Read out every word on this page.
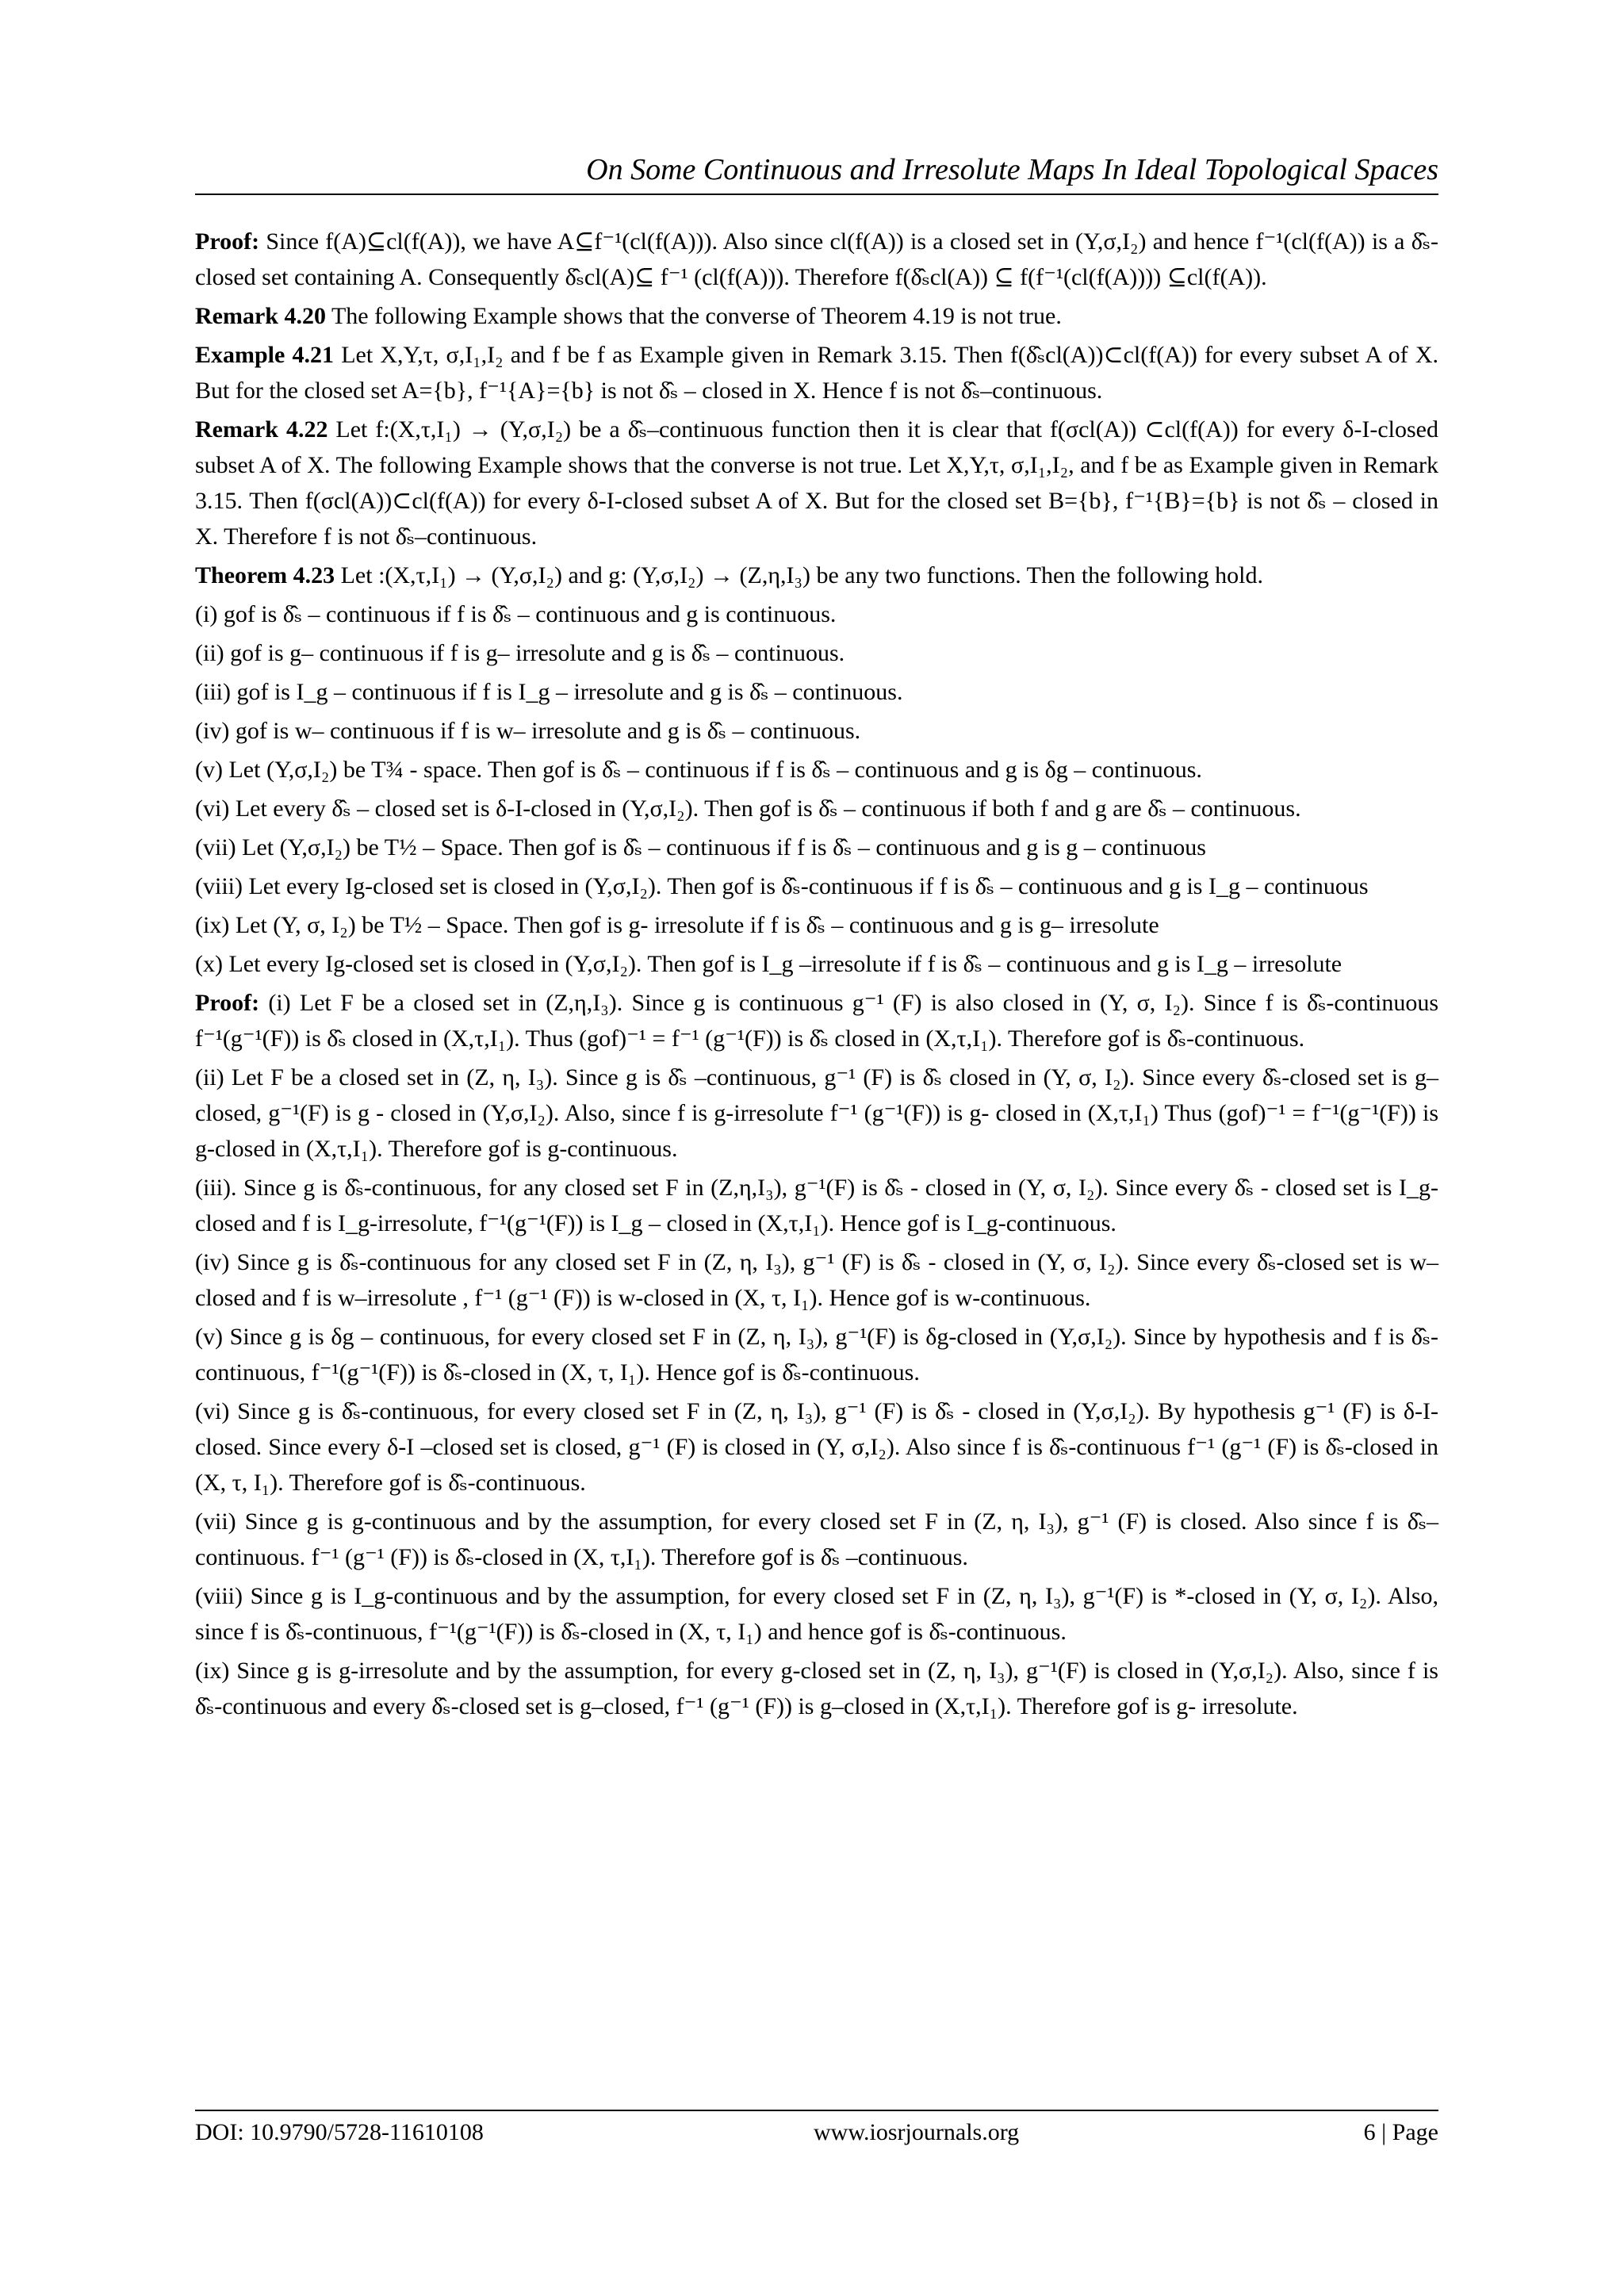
On Some Continuous and Irresolute Maps In Ideal Topological Spaces

Proof: Since f(A)⊆cl(f(A)), we have A⊆f⁻¹(cl(f(A))). Also since cl(f(A)) is a closed set in (Y,σ,I₂) and hence f⁻¹(cl(f(A)) is a δ̂ₛ-closed set containing A. Consequently δ̂ₛcl(A)⊆ f⁻¹ (cl(f(A))). Therefore f(δ̂ₛcl(A)) ⊆ f(f⁻¹(cl(f(A)))) ⊆cl(f(A)).

Remark 4.20 The following Example shows that the converse of Theorem 4.19 is not true.

Example 4.21 Let X,Y,τ, σ,I₁,I₂ and f be f as Example given in Remark 3.15. Then f(δ̂ₛcl(A))⊂cl(f(A)) for every subset A of X. But for the closed set A={b}, f⁻¹{A}={b} is not δ̂ₛ – closed in X. Hence f is not δ̂ₛ–continuous.

Remark 4.22 Let f:(X,τ,I₁) → (Y,σ,I₂) be a δ̂ₛ–continuous function then it is clear that f(σcl(A)) ⊂cl(f(A)) for every δ-I-closed subset A of X. The following Example shows that the converse is not true. Let X,Y,τ, σ,I₁,I₂, and f be as Example given in Remark 3.15. Then f(σcl(A))⊂cl(f(A)) for every δ-I-closed subset A of X. But for the closed set B={b}, f⁻¹{B}={b} is not δ̂ₛ – closed in X. Therefore f is not δ̂ₛ–continuous.

Theorem 4.23 Let :(X,τ,I₁) → (Y,σ,I₂) and g: (Y,σ,I₂) → (Z,η,I₃) be any two functions. Then the following hold.

(i) gof is δ̂ₛ – continuous if f is δ̂ₛ – continuous and g is continuous.

(ii) gof is g– continuous if f is g– irresolute and g is δ̂ₛ – continuous.

(iii) gof is I_g – continuous if f is I_g – irresolute and g is δ̂ₛ – continuous.

(iv) gof is w– continuous if f is w– irresolute and g is δ̂ₛ – continuous.

(v) Let (Y,σ,I₂) be T¾ - space. Then gof is δ̂ₛ – continuous if f is δ̂ₛ – continuous and g is δg – continuous.

(vi) Let every δ̂ₛ – closed set is δ-I-closed in (Y,σ,I₂). Then gof is δ̂ₛ – continuous if both f and g are δ̂ₛ – continuous.

(vii) Let (Y,σ,I₂) be T½ – Space. Then gof is δ̂ₛ – continuous if f is δ̂ₛ – continuous and g is g – continuous

(viii) Let every Ig-closed set is closed in (Y,σ,I₂). Then gof is δ̂ₛ-continuous if f is δ̂ₛ – continuous and g is I_g – continuous

(ix) Let (Y, σ, I₂) be T½ – Space. Then gof is g- irresolute if f is δ̂ₛ – continuous and g is g– irresolute

(x) Let every Ig-closed set is closed in (Y,σ,I₂). Then gof is I_g –irresolute if f is δ̂ₛ – continuous and g is I_g – irresolute

Proof: (i) Let F be a closed set in (Z,η,I₃). Since g is continuous g⁻¹ (F) is also closed in (Y, σ, I₂). Since f is δ̂ₛ-continuous f⁻¹(g⁻¹(F)) is δ̂ₛ closed in (X,τ,I₁). Thus (gof)⁻¹ = f⁻¹ (g⁻¹(F)) is δ̂ₛ closed in (X,τ,I₁). Therefore gof is δ̂ₛ-continuous.

(ii) Let F be a closed set in (Z, η, I₃). Since g is δ̂ₛ –continuous, g⁻¹ (F) is δ̂ₛ closed in (Y, σ, I₂). Since every δ̂ₛ-closed set is g–closed, g⁻¹(F) is g - closed in (Y,σ,I₂). Also, since f is g-irresolute f⁻¹ (g⁻¹(F)) is g- closed in (X,τ,I₁) Thus (gof)⁻¹ = f⁻¹(g⁻¹(F)) is g-closed in (X,τ,I₁). Therefore gof is g-continuous.

(iii). Since g is δ̂ₛ-continuous, for any closed set F in (Z,η,I₃), g⁻¹(F) is δ̂ₛ - closed in (Y, σ, I₂). Since every δ̂ₛ - closed set is I_g-closed and f is I_g-irresolute, f⁻¹(g⁻¹(F)) is I_g – closed in (X,τ,I₁). Hence gof is I_g-continuous.

(iv) Since g is δ̂ₛ-continuous for any closed set F in (Z, η, I₃), g⁻¹ (F) is δ̂ₛ - closed in (Y, σ, I₂). Since every δ̂ₛ-closed set is w–closed and f is w–irresolute , f⁻¹ (g⁻¹ (F)) is w-closed in (X, τ, I₁). Hence gof is w-continuous.

(v) Since g is δg – continuous, for every closed set F in (Z, η, I₃), g⁻¹(F) is δg-closed in (Y,σ,I₂). Since by hypothesis and f is δ̂ₛ-continuous, f⁻¹(g⁻¹(F)) is δ̂ₛ-closed in (X, τ, I₁). Hence gof is δ̂ₛ-continuous.

(vi) Since g is δ̂ₛ-continuous, for every closed set F in (Z, η, I₃), g⁻¹ (F) is δ̂ₛ - closed in (Y,σ,I₂). By hypothesis g⁻¹ (F) is δ-I-closed. Since every δ-I –closed set is closed, g⁻¹ (F) is closed in (Y, σ,I₂). Also since f is δ̂ₛ-continuous f⁻¹ (g⁻¹ (F) is δ̂ₛ-closed in (X, τ, I₁). Therefore gof is δ̂ₛ-continuous.

(vii) Since g is g-continuous and by the assumption, for every closed set F in (Z, η, I₃), g⁻¹ (F) is closed. Also since f is δ̂ₛ–continuous. f⁻¹ (g⁻¹ (F)) is δ̂ₛ-closed in (X, τ,I₁). Therefore gof is δ̂ₛ –continuous.

(viii) Since g is I_g-continuous and by the assumption, for every closed set F in (Z, η, I₃), g⁻¹(F) is *-closed in (Y, σ, I₂). Also, since f is δ̂ₛ-continuous, f⁻¹(g⁻¹(F)) is δ̂ₛ-closed in (X, τ, I₁) and hence gof is δ̂ₛ-continuous.

(ix) Since g is g-irresolute and by the assumption, for every g-closed set in (Z, η, I₃), g⁻¹(F) is closed in (Y,σ,I₂). Also, since f is δ̂ₛ-continuous and every δ̂ₛ-closed set is g–closed, f⁻¹ (g⁻¹ (F)) is g–closed in (X,τ,I₁). Therefore gof is g- irresolute.

DOI: 10.9790/5728-11610108	www.iosrjournals.org	6 | Page
